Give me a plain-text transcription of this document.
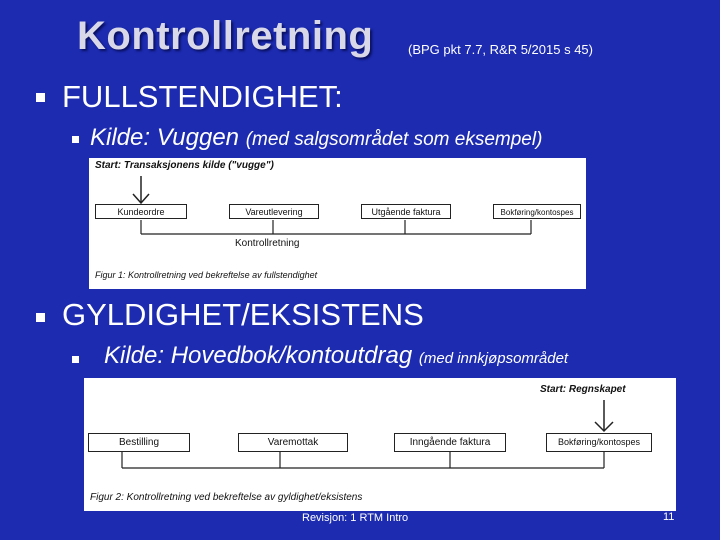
Kontrollretning	(BPG pkt 7.7, R&R 5/2015 s 45)
FULLSTENDIGHET:
Kilde: Vuggen (med salgsområdet som eksempel)
Start: Transaksjonens kilde ("vugge")
Kundeordre	Vareutlevering	Utgående faktura	Bokføring/kontospes
Kontrollretning
Figur 1: Kontrollretning ved bekreftelse av fullstendighet
GYLDIGHET/EKSISTENS
Kilde: Hovedbok/kontoutdrag (med innkjøpsområdet
Start: Regnskapet
Bestilling	Varemottak	Inngående faktura	Bokføring/kontospes
Figur 2: Kontrollretning ved bekreftelse av gyldighet/eksistens
Revisjon: 1 RTM Intro	11
